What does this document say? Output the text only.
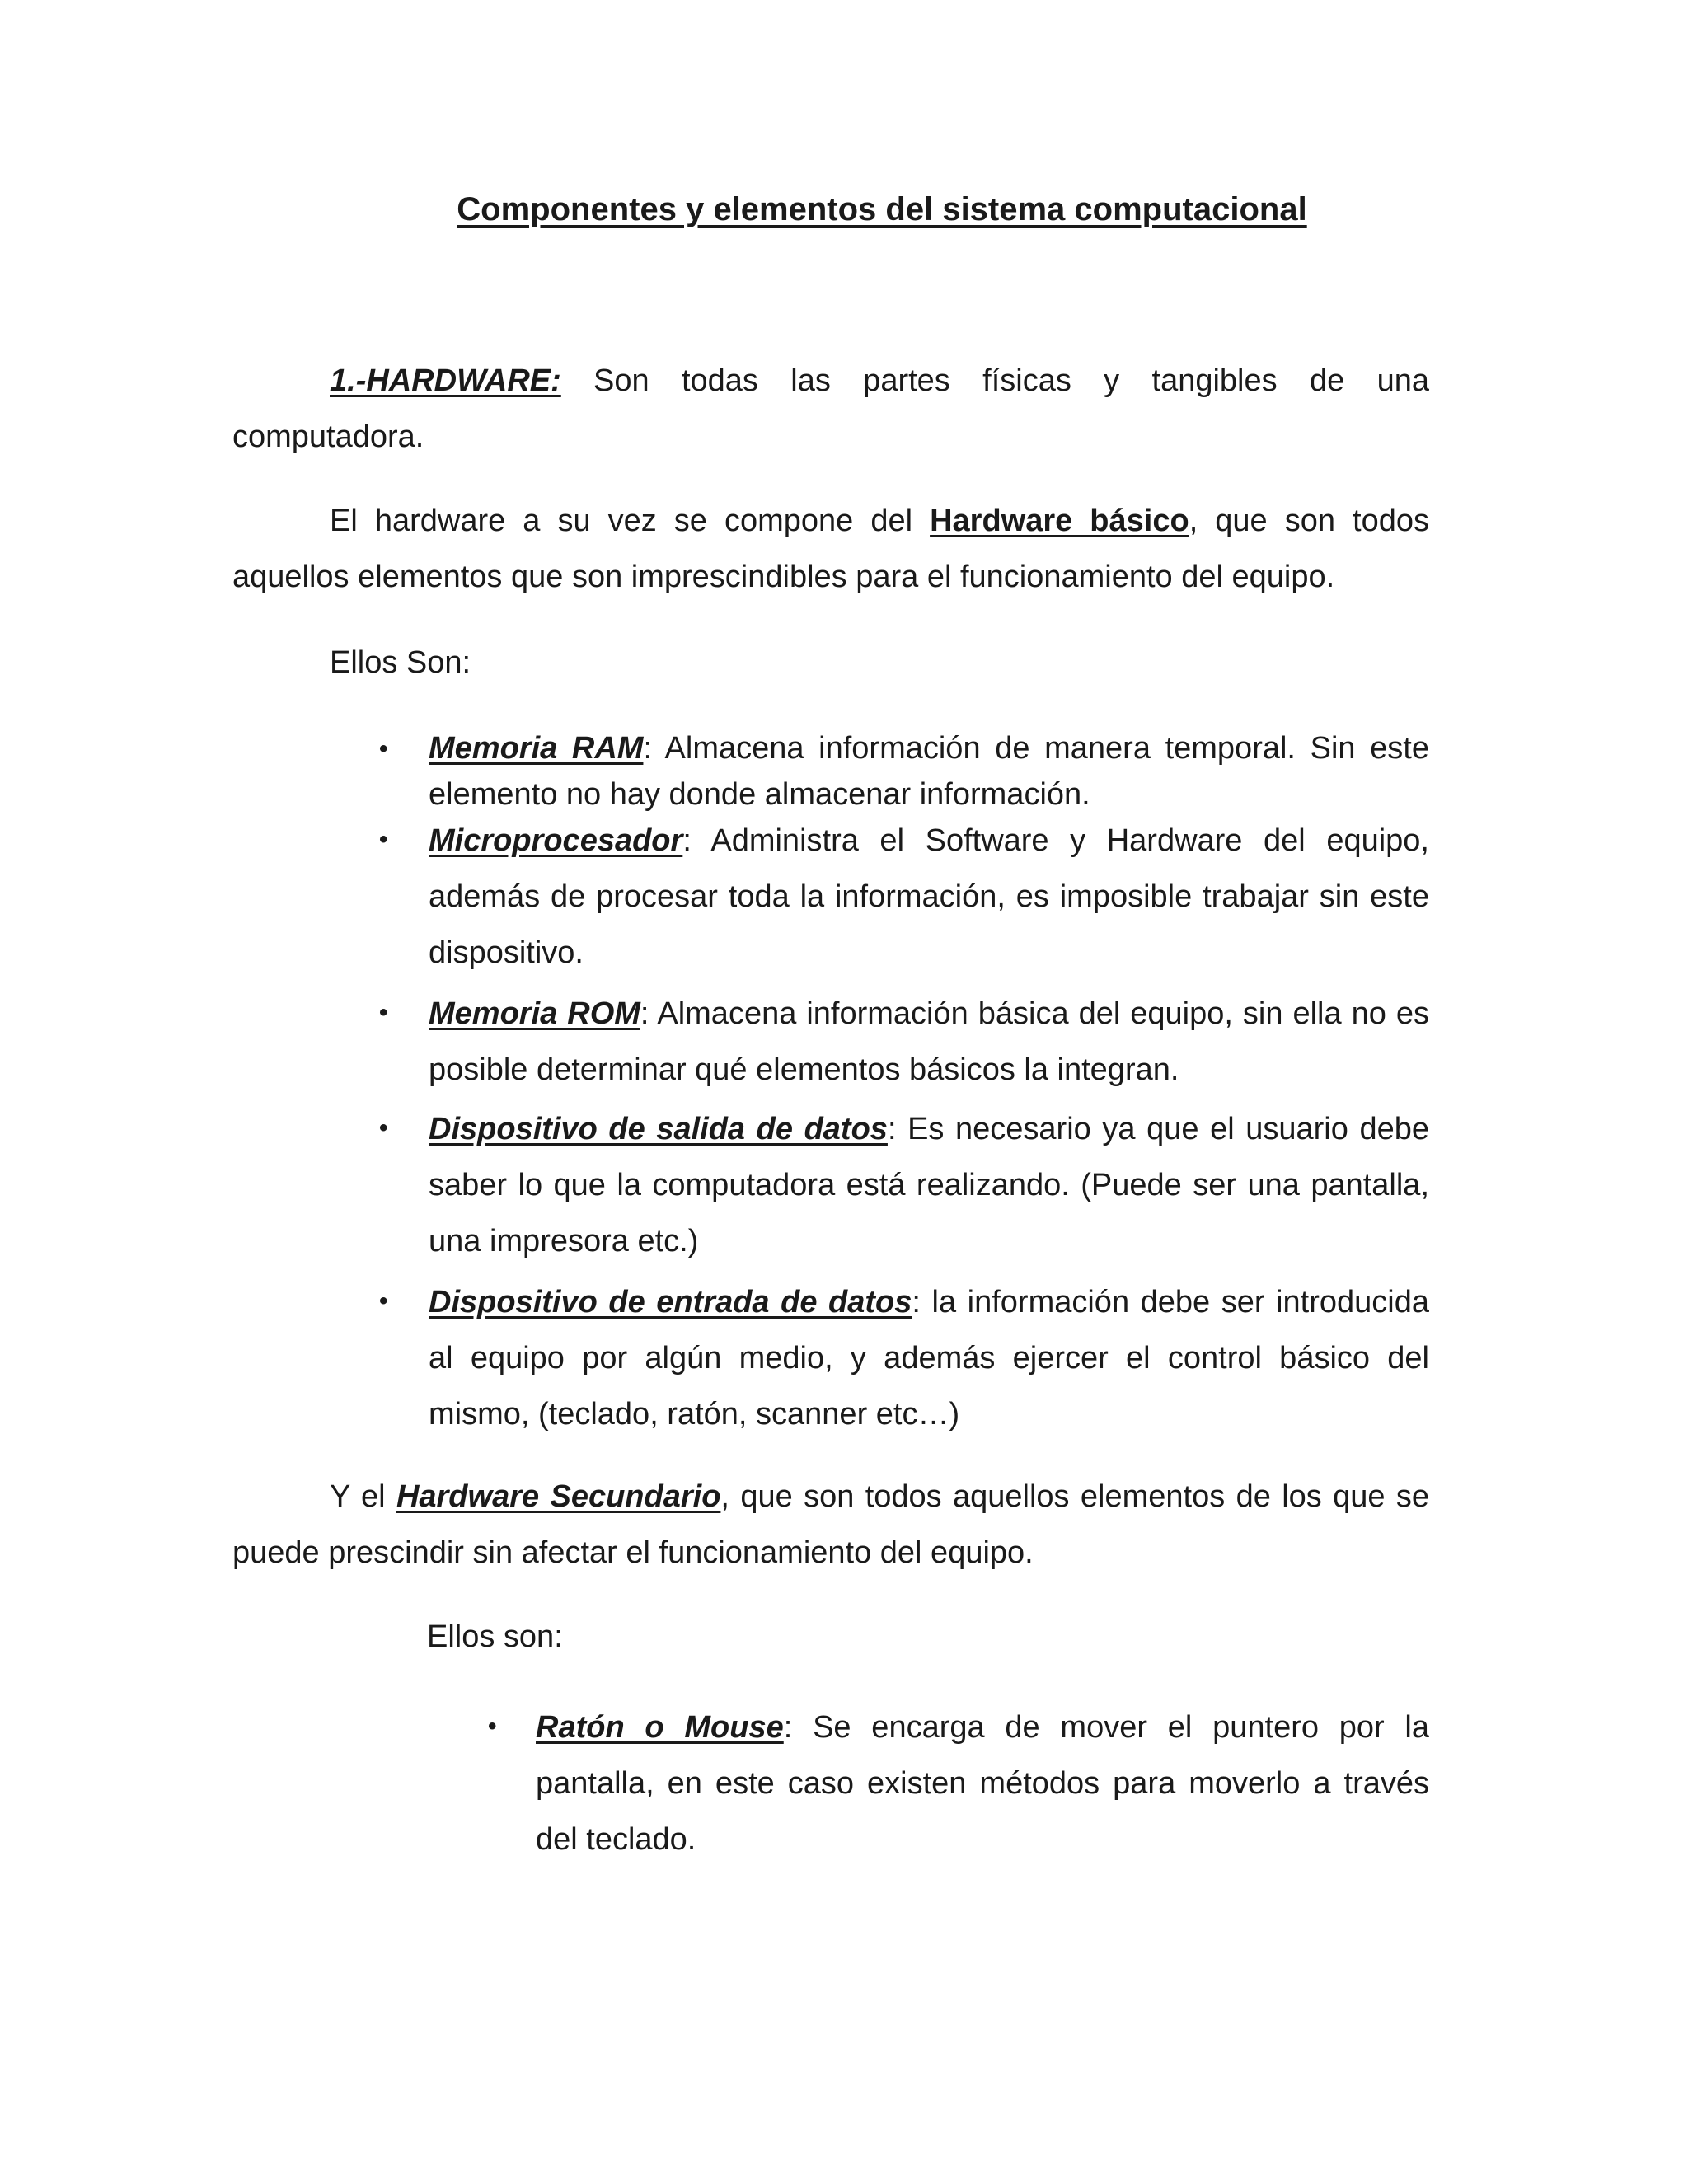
Componentes y elementos del sistema computacional

1.-HARDWARE: Son todas las partes físicas y tangibles de una computadora.

El hardware a su vez se compone del Hardware básico, que son todos aquellos elementos que son imprescindibles para el funcionamiento del equipo.

Ellos Son:

• Memoria RAM: Almacena información de manera temporal. Sin este elemento no hay donde almacenar información.

• Microprocesador: Administra el Software y Hardware del equipo, además de procesar toda la información, es imposible trabajar sin este dispositivo.

• Memoria ROM: Almacena información básica del equipo, sin ella no es posible determinar qué elementos básicos la integran.

• Dispositivo de salida de datos: Es necesario ya que el usuario debe saber lo que la computadora está realizando. (Puede ser una pantalla, una impresora etc.)

• Dispositivo de entrada de datos: la información debe ser introducida al equipo por algún medio, y además ejercer el control básico del mismo, (teclado, ratón, scanner etc…)

Y el Hardware Secundario, que son todos aquellos elementos de los que se puede prescindir sin afectar el funcionamiento del equipo.

Ellos son:

• Ratón o Mouse: Se encarga de mover el puntero por la pantalla, en este caso existen métodos para moverlo a través del teclado.
